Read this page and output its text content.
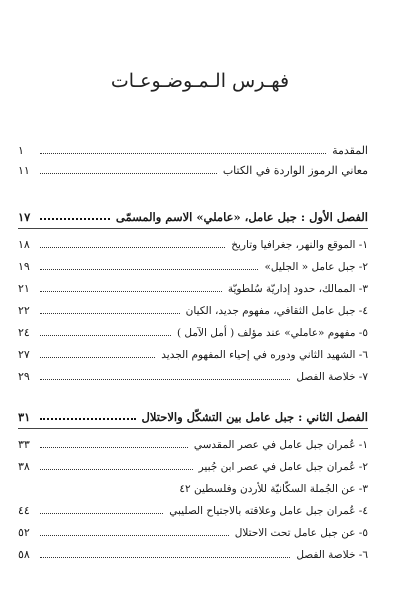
فهـرس الـمـوضـوعـات
المقدمة
١
معاني الرموز الواردة في الكتاب
١١
الفصل الأول : جبل عامل، «عاملي» الاسم والمسمّى
١٧
١- الموقع والنهر، جغرافيا وتاريخ
١٨
٢- جبل عامل « الجليل»
١٩
٣- الممالك، حدود إداريّة سُلطويّة
٢١
٤- جبل عامل الثقافي، مفهوم جديد، الكيان
٢٢
٥- مفهوم «عاملي» عند مؤلف ( أمل الآمل )
٢٤
٦- الشهيد الثاني ودوره في إحياء المفهوم الجديد
٢٧
٧- خلاصة الفصل
٢٩
الفصل الثاني : جبل عامل بين التشكّل والاحتلال
٣١
١- عُمران جبل عامل في عصر المقدسي
٣٣
٢- عُمران جبل عامل في عصر ابن جُبير
٣٨
٣- عن الجُملة السكّانيّة للأردن وفلسطين ٤٢
٤- عُمران جبل عامل وعلاقته بالاجتياح الصليبي
٤٤
٥- عن جبل عامل تحت الاحتلال
٥٢
٦- خلاصة الفصل
٥٨
